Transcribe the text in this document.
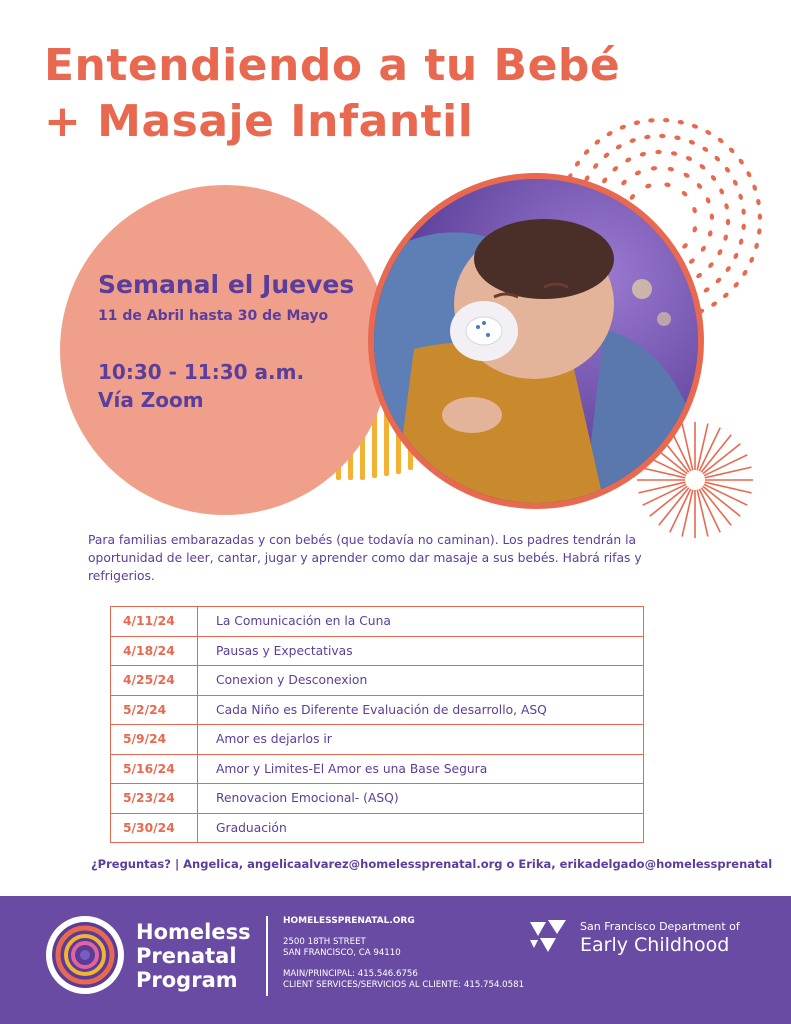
Entendiendo a tu Bebé
+ Masaje Infantil
Semanal el Jueves
11 de Abril hasta 30 de Mayo
10:30 - 11:30 a.m.
Vía Zoom

Para familias embarazadas y con bebés (que todavía no caminan). Los padres tendrán la oportunidad de leer, cantar, jugar y aprender como dar masaje a sus bebés. Habrá rifas y refrigerios.

4/11/24	La Comunicación en la Cuna
4/18/24	Pausas y Expectativas
4/25/24	Conexion y Desconexion
5/2/24	Cada Niño es Diferente Evaluación de desarrollo, ASQ
5/9/24	Amor es dejarlos ir
5/16/24	Amor y Limites-El Amor es una Base Segura
5/23/24	Renovacion Emocional- (ASQ)
5/30/24	Graduación
¿Preguntas? | Angelica, angelicaalvarez@homelessprenatal.org o Erika, erikadelgado@homelessprenatal
Homeless
Prenatal
Program
HOMELESSPRENATAL.ORG
2500 18TH STREET
SAN FRANCISCO, CA 94110
MAIN/PRINCIPAL: 415.546.6756
CLIENT SERVICES/SERVICIOS AL CLIENTE: 415.754.0581
San Francisco Department of
Early Childhood
